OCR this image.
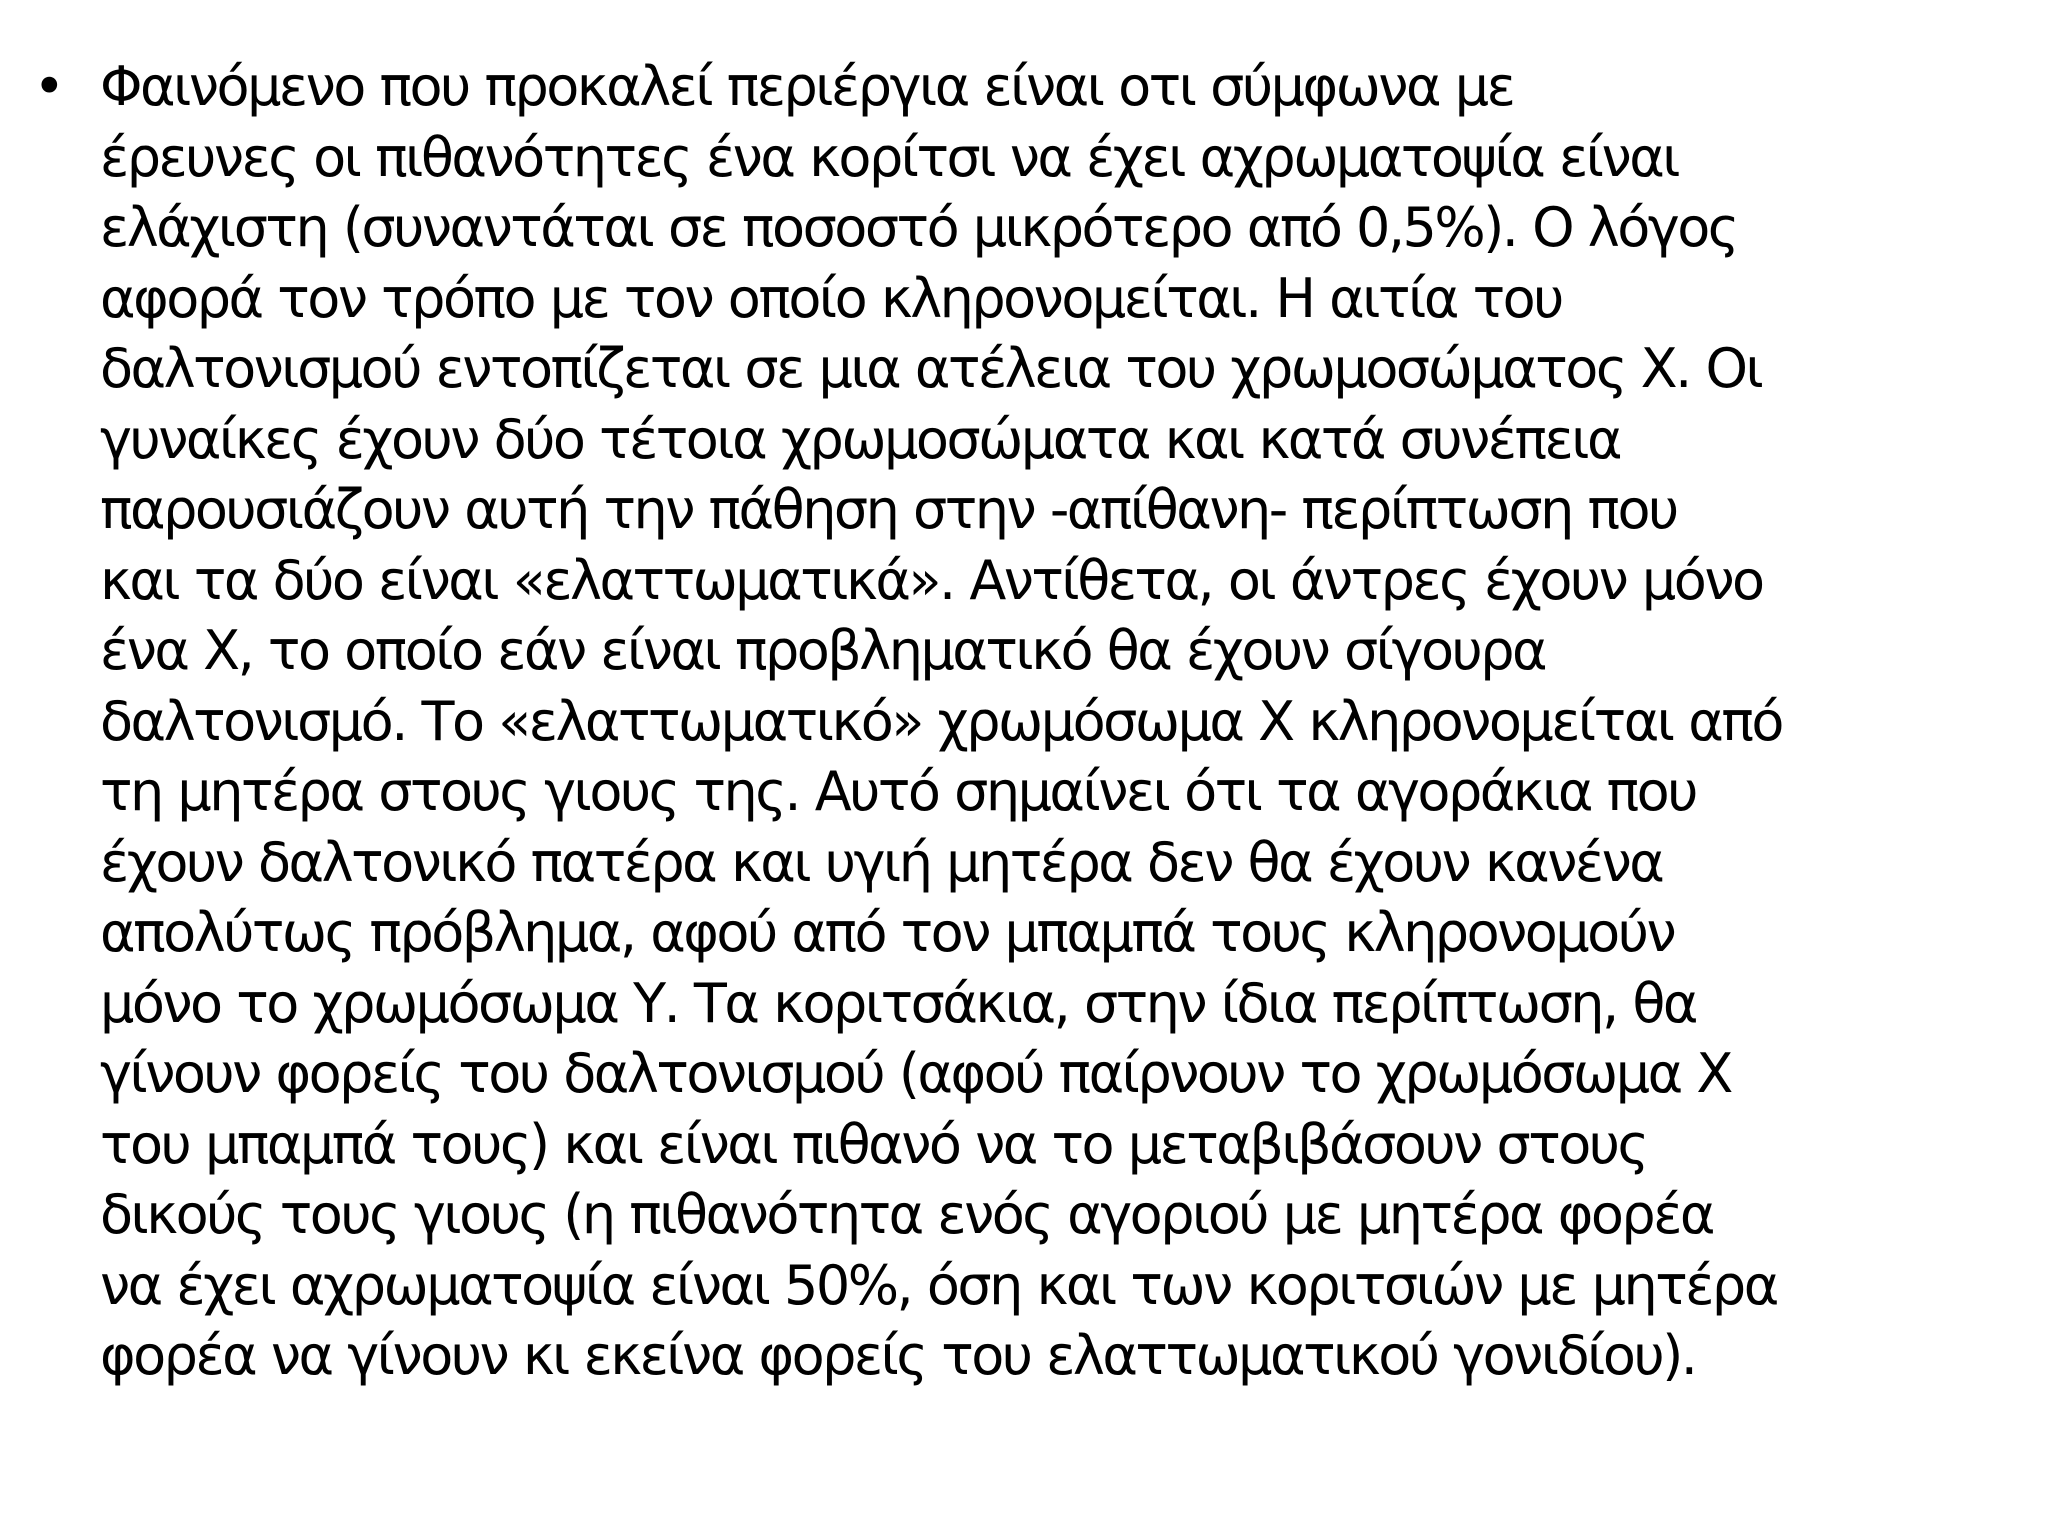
• Φαινόμενο που προκαλεί περιέργια είναι οτι σύμφωνα με
έρευνες οι πιθανότητες ένα κορίτσι να έχει αχρωματοψία είναι
ελάχιστη (συναντάται σε ποσοστό μικρότερο από 0,5%). Ο λόγος
αφορά τον τρόπο με τον οποίο κληρονομείται. Η αιτία του
δαλτονισμού εντοπίζεται σε μια ατέλεια του χρωμοσώματος Χ. Οι
γυναίκες έχουν δύο τέτοια χρωμοσώματα και κατά συνέπεια
παρουσιάζουν αυτή την πάθηση στην -απίθανη- περίπτωση που
και τα δύο είναι «ελαττωματικά». Αντίθετα, οι άντρες έχουν μόνο
ένα Χ, το οποίο εάν είναι προβληματικό θα έχουν σίγουρα
δαλτονισμό. Το «ελαττωματικό» χρωμόσωμα Χ κληρονομείται από
τη μητέρα στους γιους της. Αυτό σημαίνει ότι τα αγοράκια που
έχουν δαλτονικό πατέρα και υγιή μητέρα δεν θα έχουν κανένα
απολύτως πρόβλημα, αφού από τον μπαμπά τους κληρονομούν
μόνο το χρωμόσωμα Υ. Τα κοριτσάκια, στην ίδια περίπτωση, θα
γίνουν φορείς του δαλτονισμού (αφού παίρνουν το χρωμόσωμα Χ
του μπαμπά τους) και είναι πιθανό να το μεταβιβάσουν στους
δικούς τους γιους (η πιθανότητα ενός αγοριού με μητέρα φορέα
να έχει αχρωματοψία είναι 50%, όση και των κοριτσιών με μητέρα
φορέα να γίνουν κι εκείνα φορείς του ελαττωματικού γονιδίου).
